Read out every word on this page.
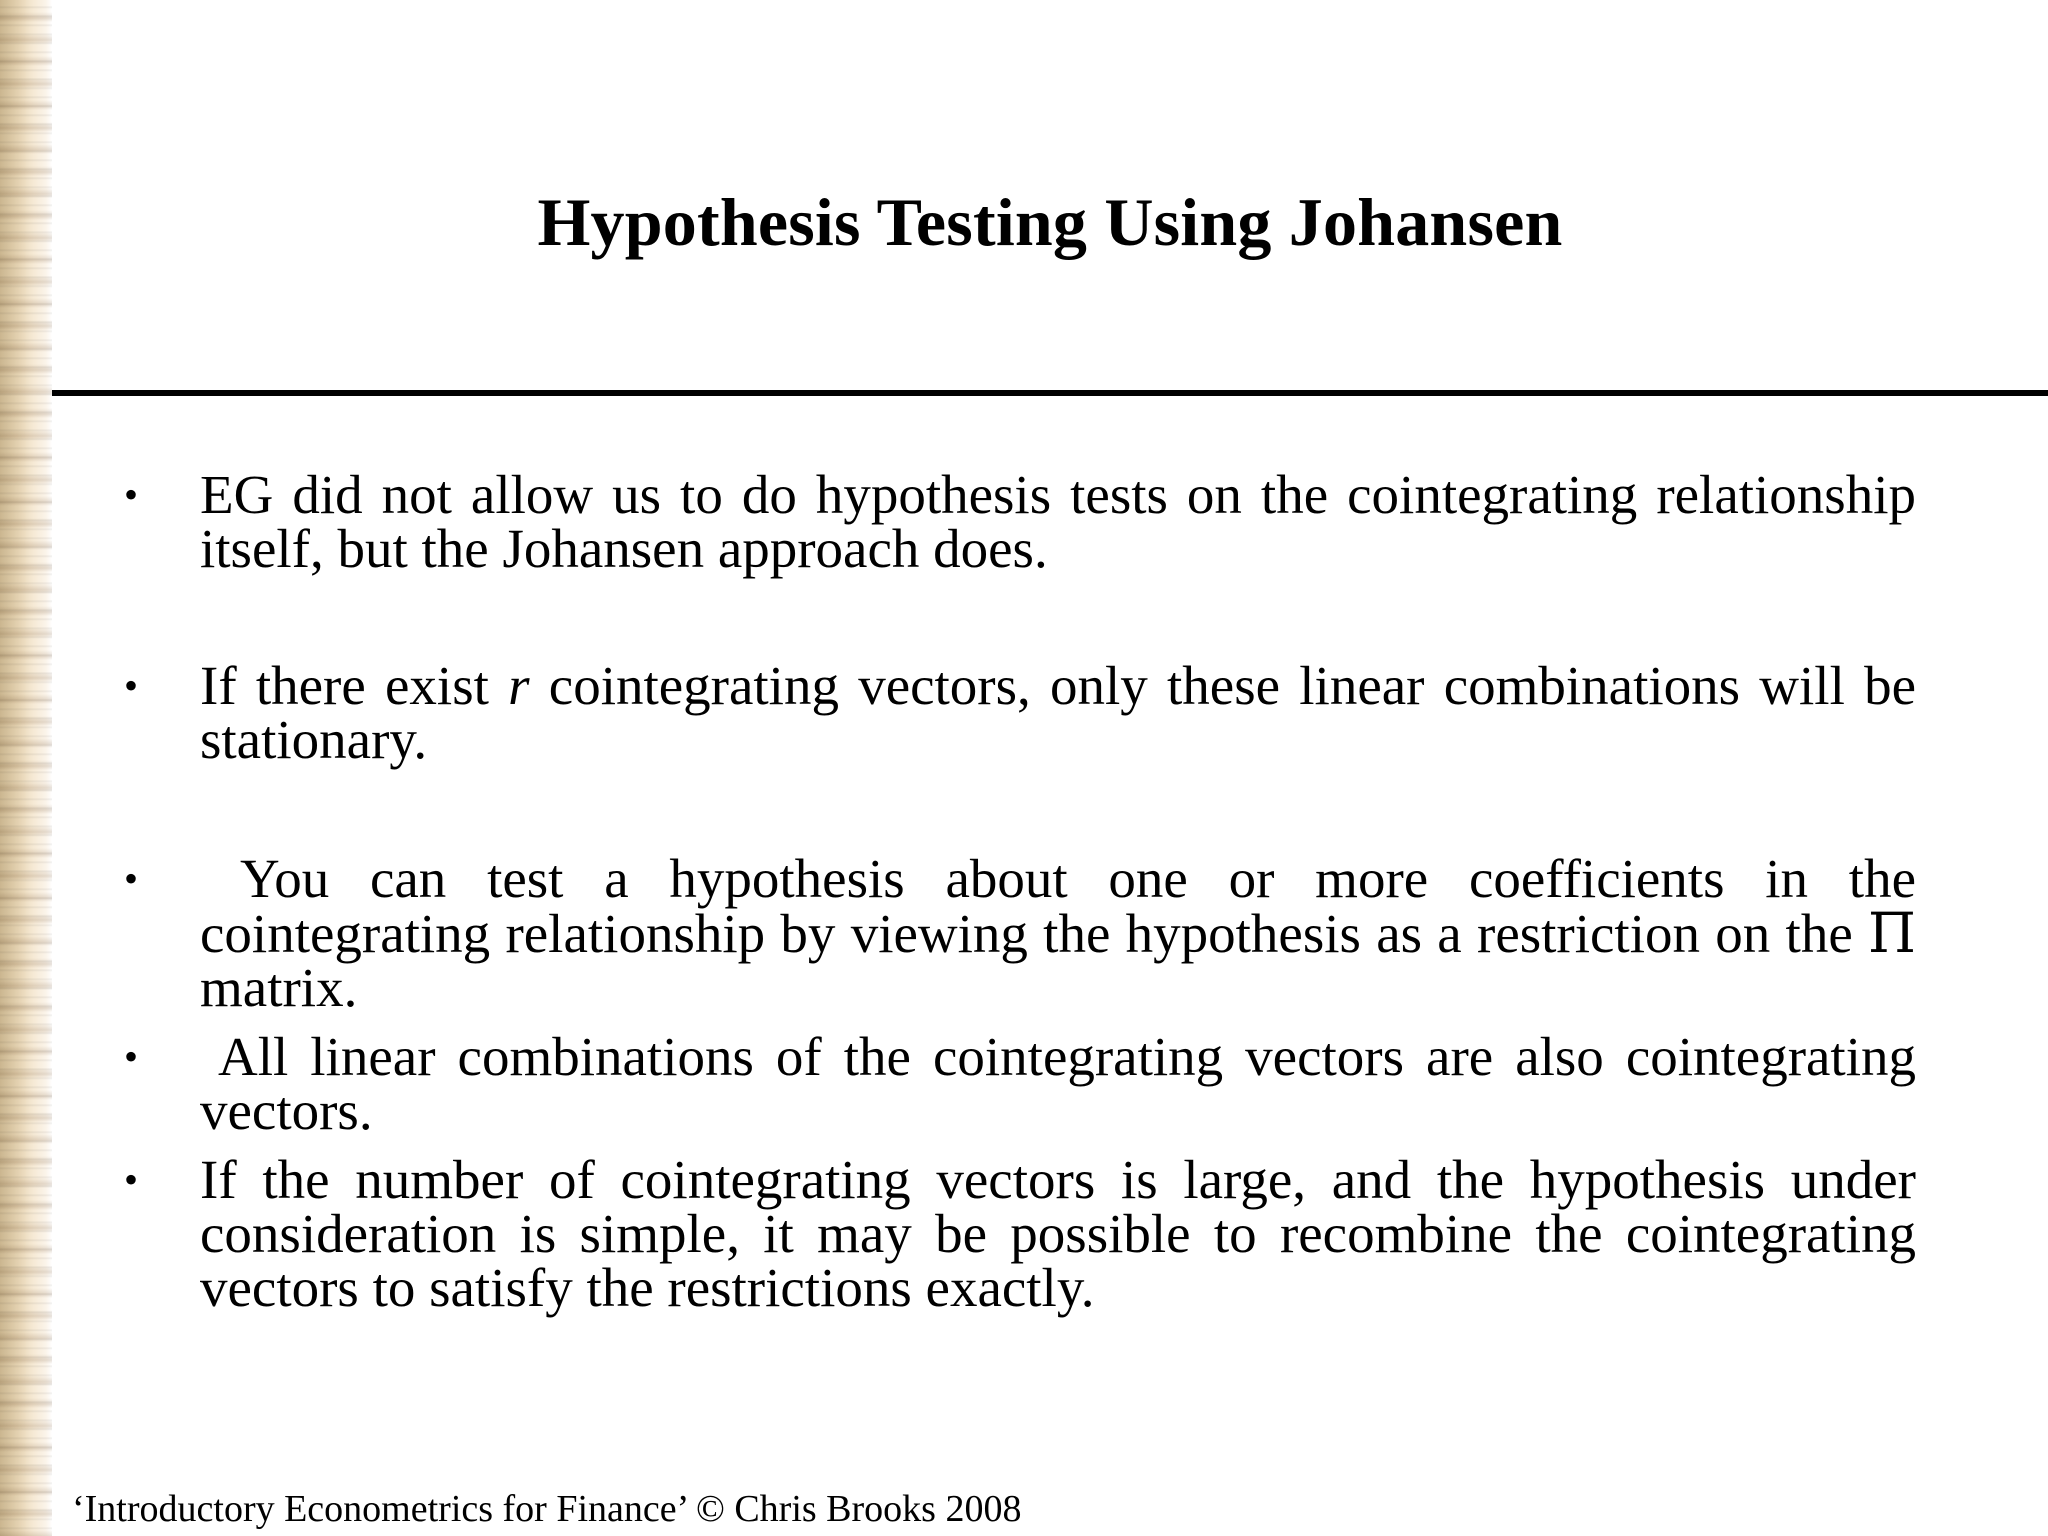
Hypothesis Testing Using Johansen
• EG did not allow us to do hypothesis tests on the cointegrating relationship itself, but the Johansen approach does.
• If there exist r cointegrating vectors, only these linear combinations will be stationary.
•	You can test a hypothesis about one or more coefficients in the cointegrating relationship by viewing the hypothesis as a restriction on the Π matrix.
•	All linear combinations of the cointegrating vectors are also cointegrating vectors.
• If the number of cointegrating vectors is large, and the hypothesis under consideration is simple, it may be possible to recombine the cointegrating vectors to satisfy the restrictions exactly.
‘Introductory Econometrics for Finance’ © Chris Brooks 2008
